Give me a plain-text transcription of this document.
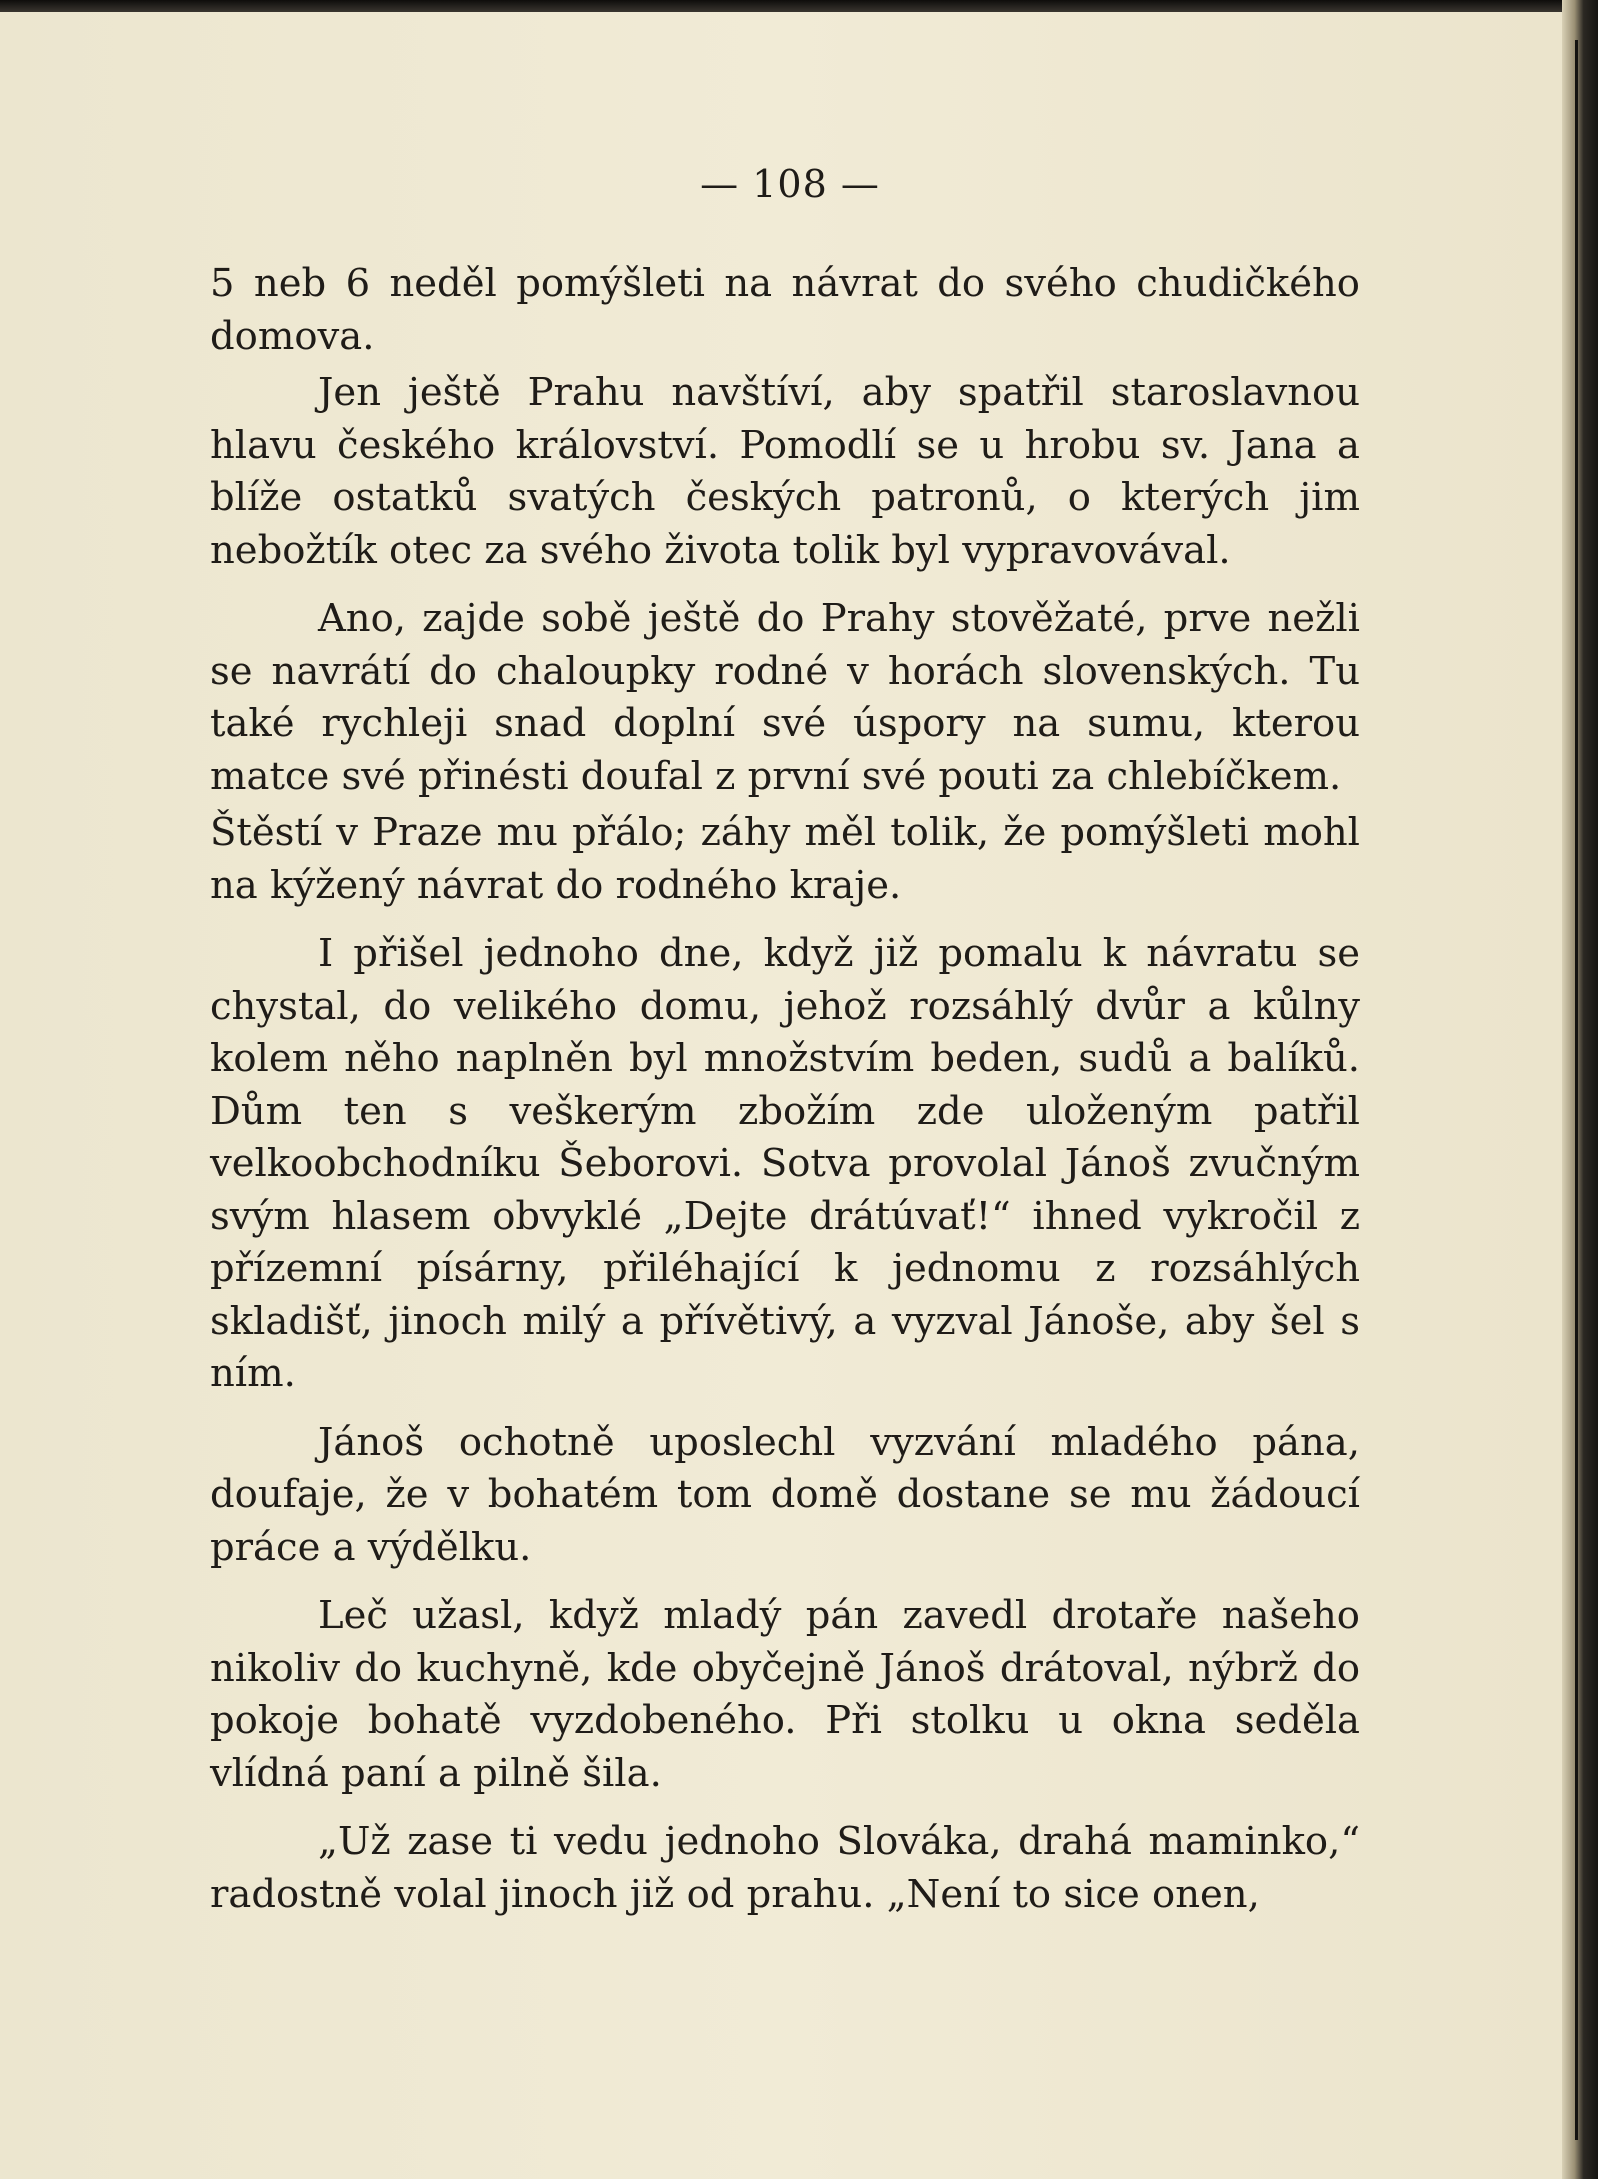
— 108 —

5 neb 6 neděl pomýšleti na návrat do svého chudičkého domova.

Jen ještě Prahu navštíví, aby spatřil staroslavnou hlavu českého království. Pomodlí se u hrobu sv. Jana a blíže ostatků svatých českých patronů, o kterých jim nebožtík otec za svého života tolik byl vypravovával.

Ano, zajde sobě ještě do Prahy stověžaté, prve nežli se navrátí do chaloupky rodné v horách slovenských. Tu také rychleji snad doplní své úspory na sumu, kterou matce své přinésti doufal z první své pouti za chlebíčkem.

Štěstí v Praze mu přálo; záhy měl tolik, že pomýšleti mohl na kýžený návrat do rodného kraje.

I přišel jednoho dne, když již pomalu k návratu se chystal, do velikého domu, jehož rozsáhlý dvůr a kůlny kolem něho naplněn byl množstvím beden, sudů a balíků. Dům ten s veškerým zbožím zde uloženým patřil velkoobchodníku Šeborovi. Sotva provolal Jánoš zvučným svým hlasem obvyklé „Dejte drátúvať!“ ihned vykročil z přízemní písárny, přiléhající k jednomu z rozsáhlých skladišť, jinoch milý a přívětivý, a vyzval Jánoše, aby šel s ním.

Jánoš ochotně uposlechl vyzvání mladého pána, doufaje, že v bohatém tom domě dostane se mu žádoucí práce a výdělku.

Leč užasl, když mladý pán zavedl drotaře našeho nikoliv do kuchyně, kde obyčejně Jánoš drátoval, nýbrž do pokoje bohatě vyzdobeného. Při stolku u okna seděla vlídná paní a pilně šila.

„Už zase ti vedu jednoho Slováka, drahá maminko,“ radostně volal jinoch již od prahu. „Není to sice onen,
